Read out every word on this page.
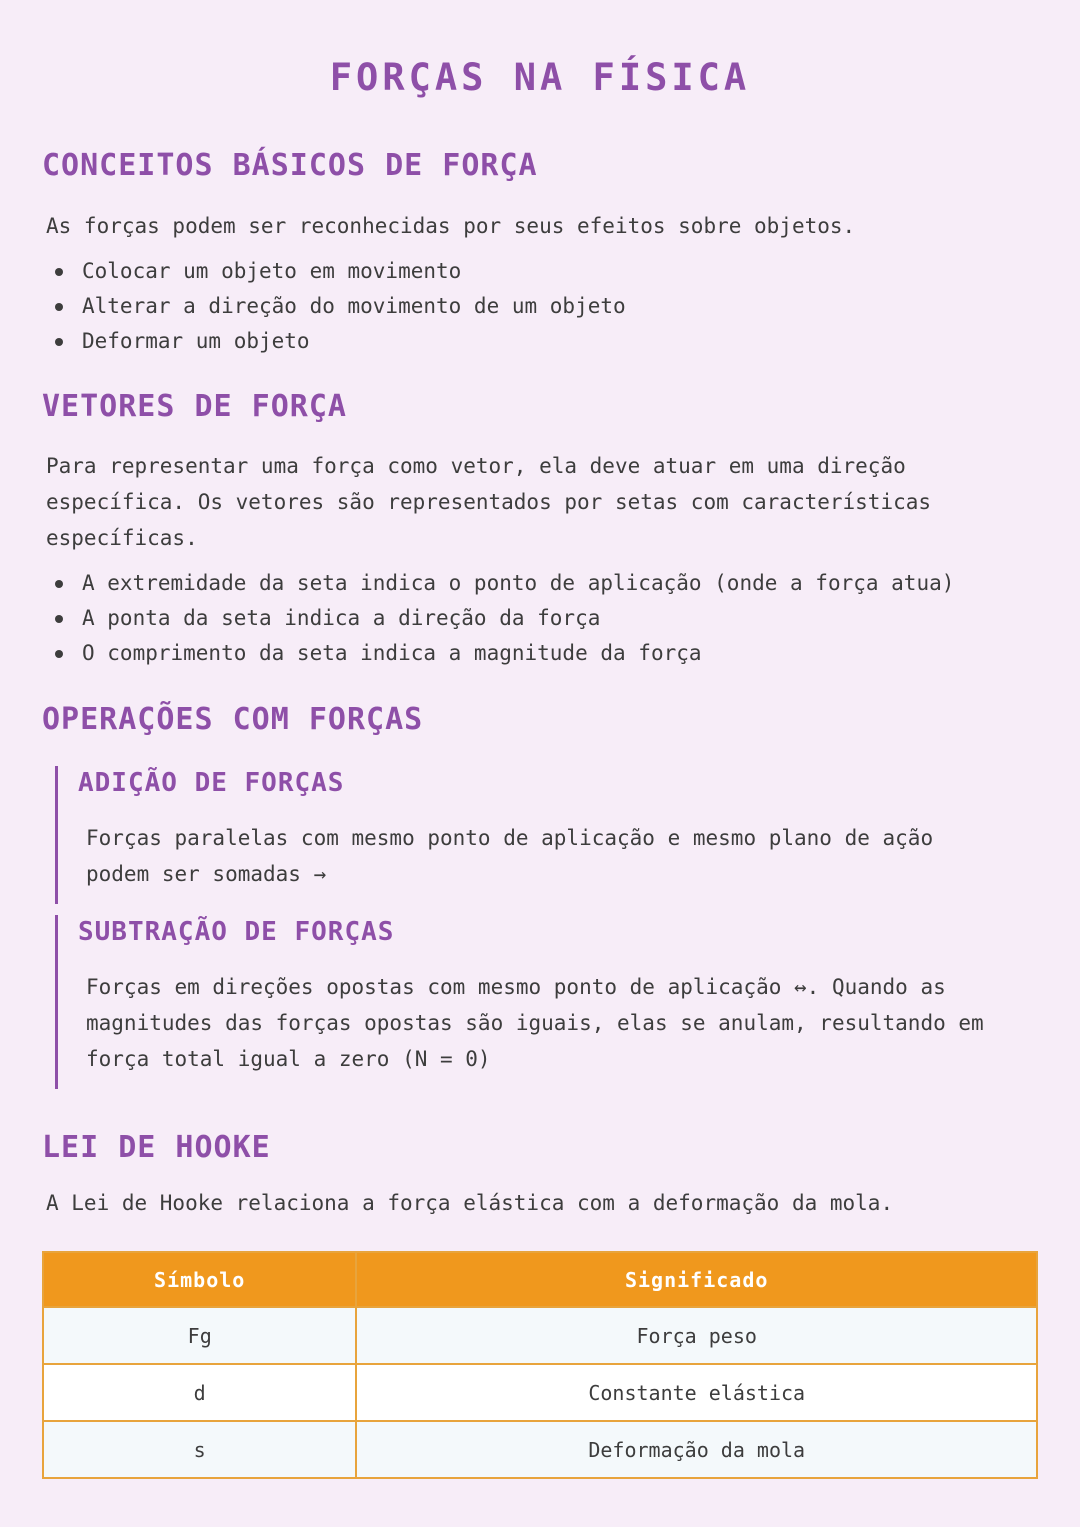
FORÇAS NA FÍSICA
CONCEITOS BÁSICOS DE FORÇA

As forças podem ser reconhecidas por seus efeitos sobre objetos.

Colocar um objeto em movimento
Alterar a direção do movimento de um objeto
Deformar um objeto
VETORES DE FORÇA

Para representar uma força como vetor, ela deve atuar em uma direção específica. Os vetores são representados por setas com características específicas.

A extremidade da seta indica o ponto de aplicação (onde a força atua)
A ponta da seta indica a direção da força
O comprimento da seta indica a magnitude da força
OPERAÇÕES COM FORÇAS
ADIÇÃO DE FORÇAS

Forças paralelas com mesmo ponto de aplicação e mesmo plano de ação podem ser somadas →

SUBTRAÇÃO DE FORÇAS

Forças em direções opostas com mesmo ponto de aplicação ↔. Quando as magnitudes das forças opostas são iguais, elas se anulam, resultando em força total igual a zero (N = 0)

LEI DE HOOKE

A Lei de Hooke relaciona a força elástica com a deformação da mola.

Símbolo	Significado
Fg	Força peso
d	Constante elástica
s	Deformação da mola
